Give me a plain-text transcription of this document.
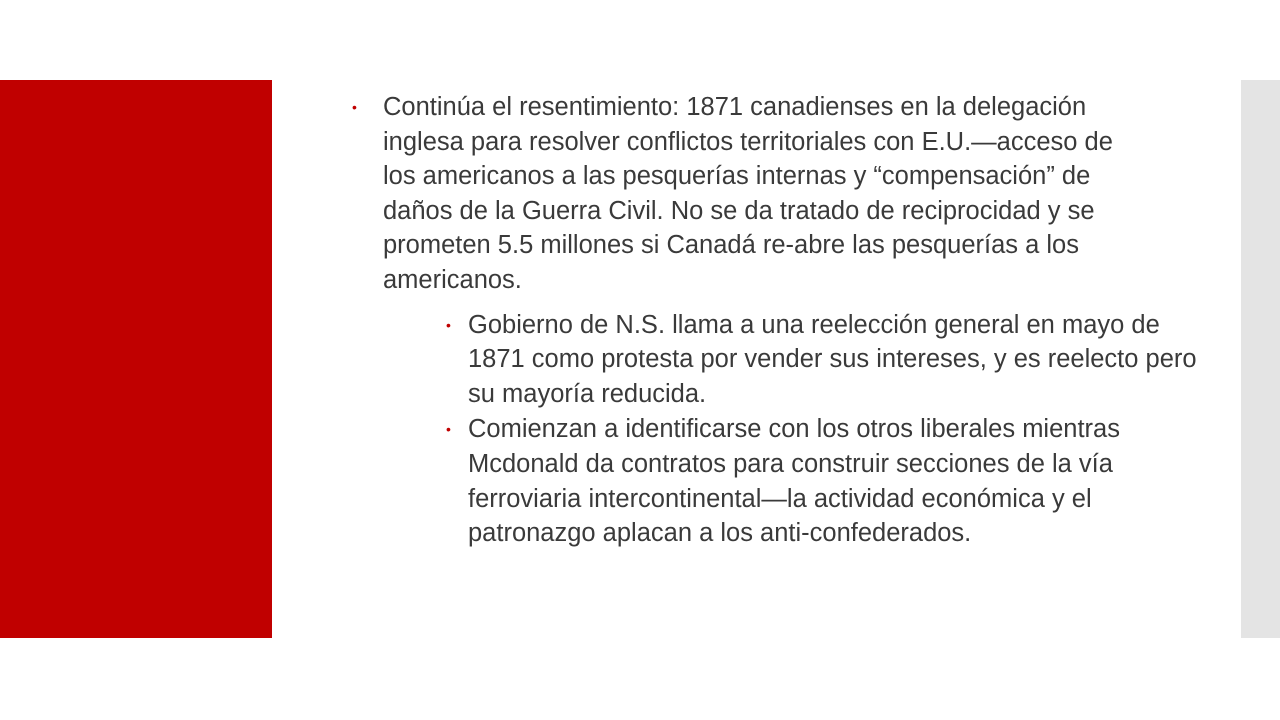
• Continúa el resentimiento: 1871 canadienses en la delegación inglesa para resolver conflictos territoriales con E.U.—acceso de los americanos a las pesquerías internas y “compensación” de daños de la Guerra Civil. No se da tratado de reciprocidad y se prometen 5.5 millones si Canadá re-abre las pesquerías a los americanos.
• Gobierno de N.S. llama a una reelección general en mayo de 1871 como protesta por vender sus intereses, y es reelecto pero su mayoría reducida.
• Comienzan a identificarse con los otros liberales mientras Mcdonald da contratos para construir secciones de la vía ferroviaria intercontinental—la actividad económica y el patronazgo aplacan a los anti-confederados.
